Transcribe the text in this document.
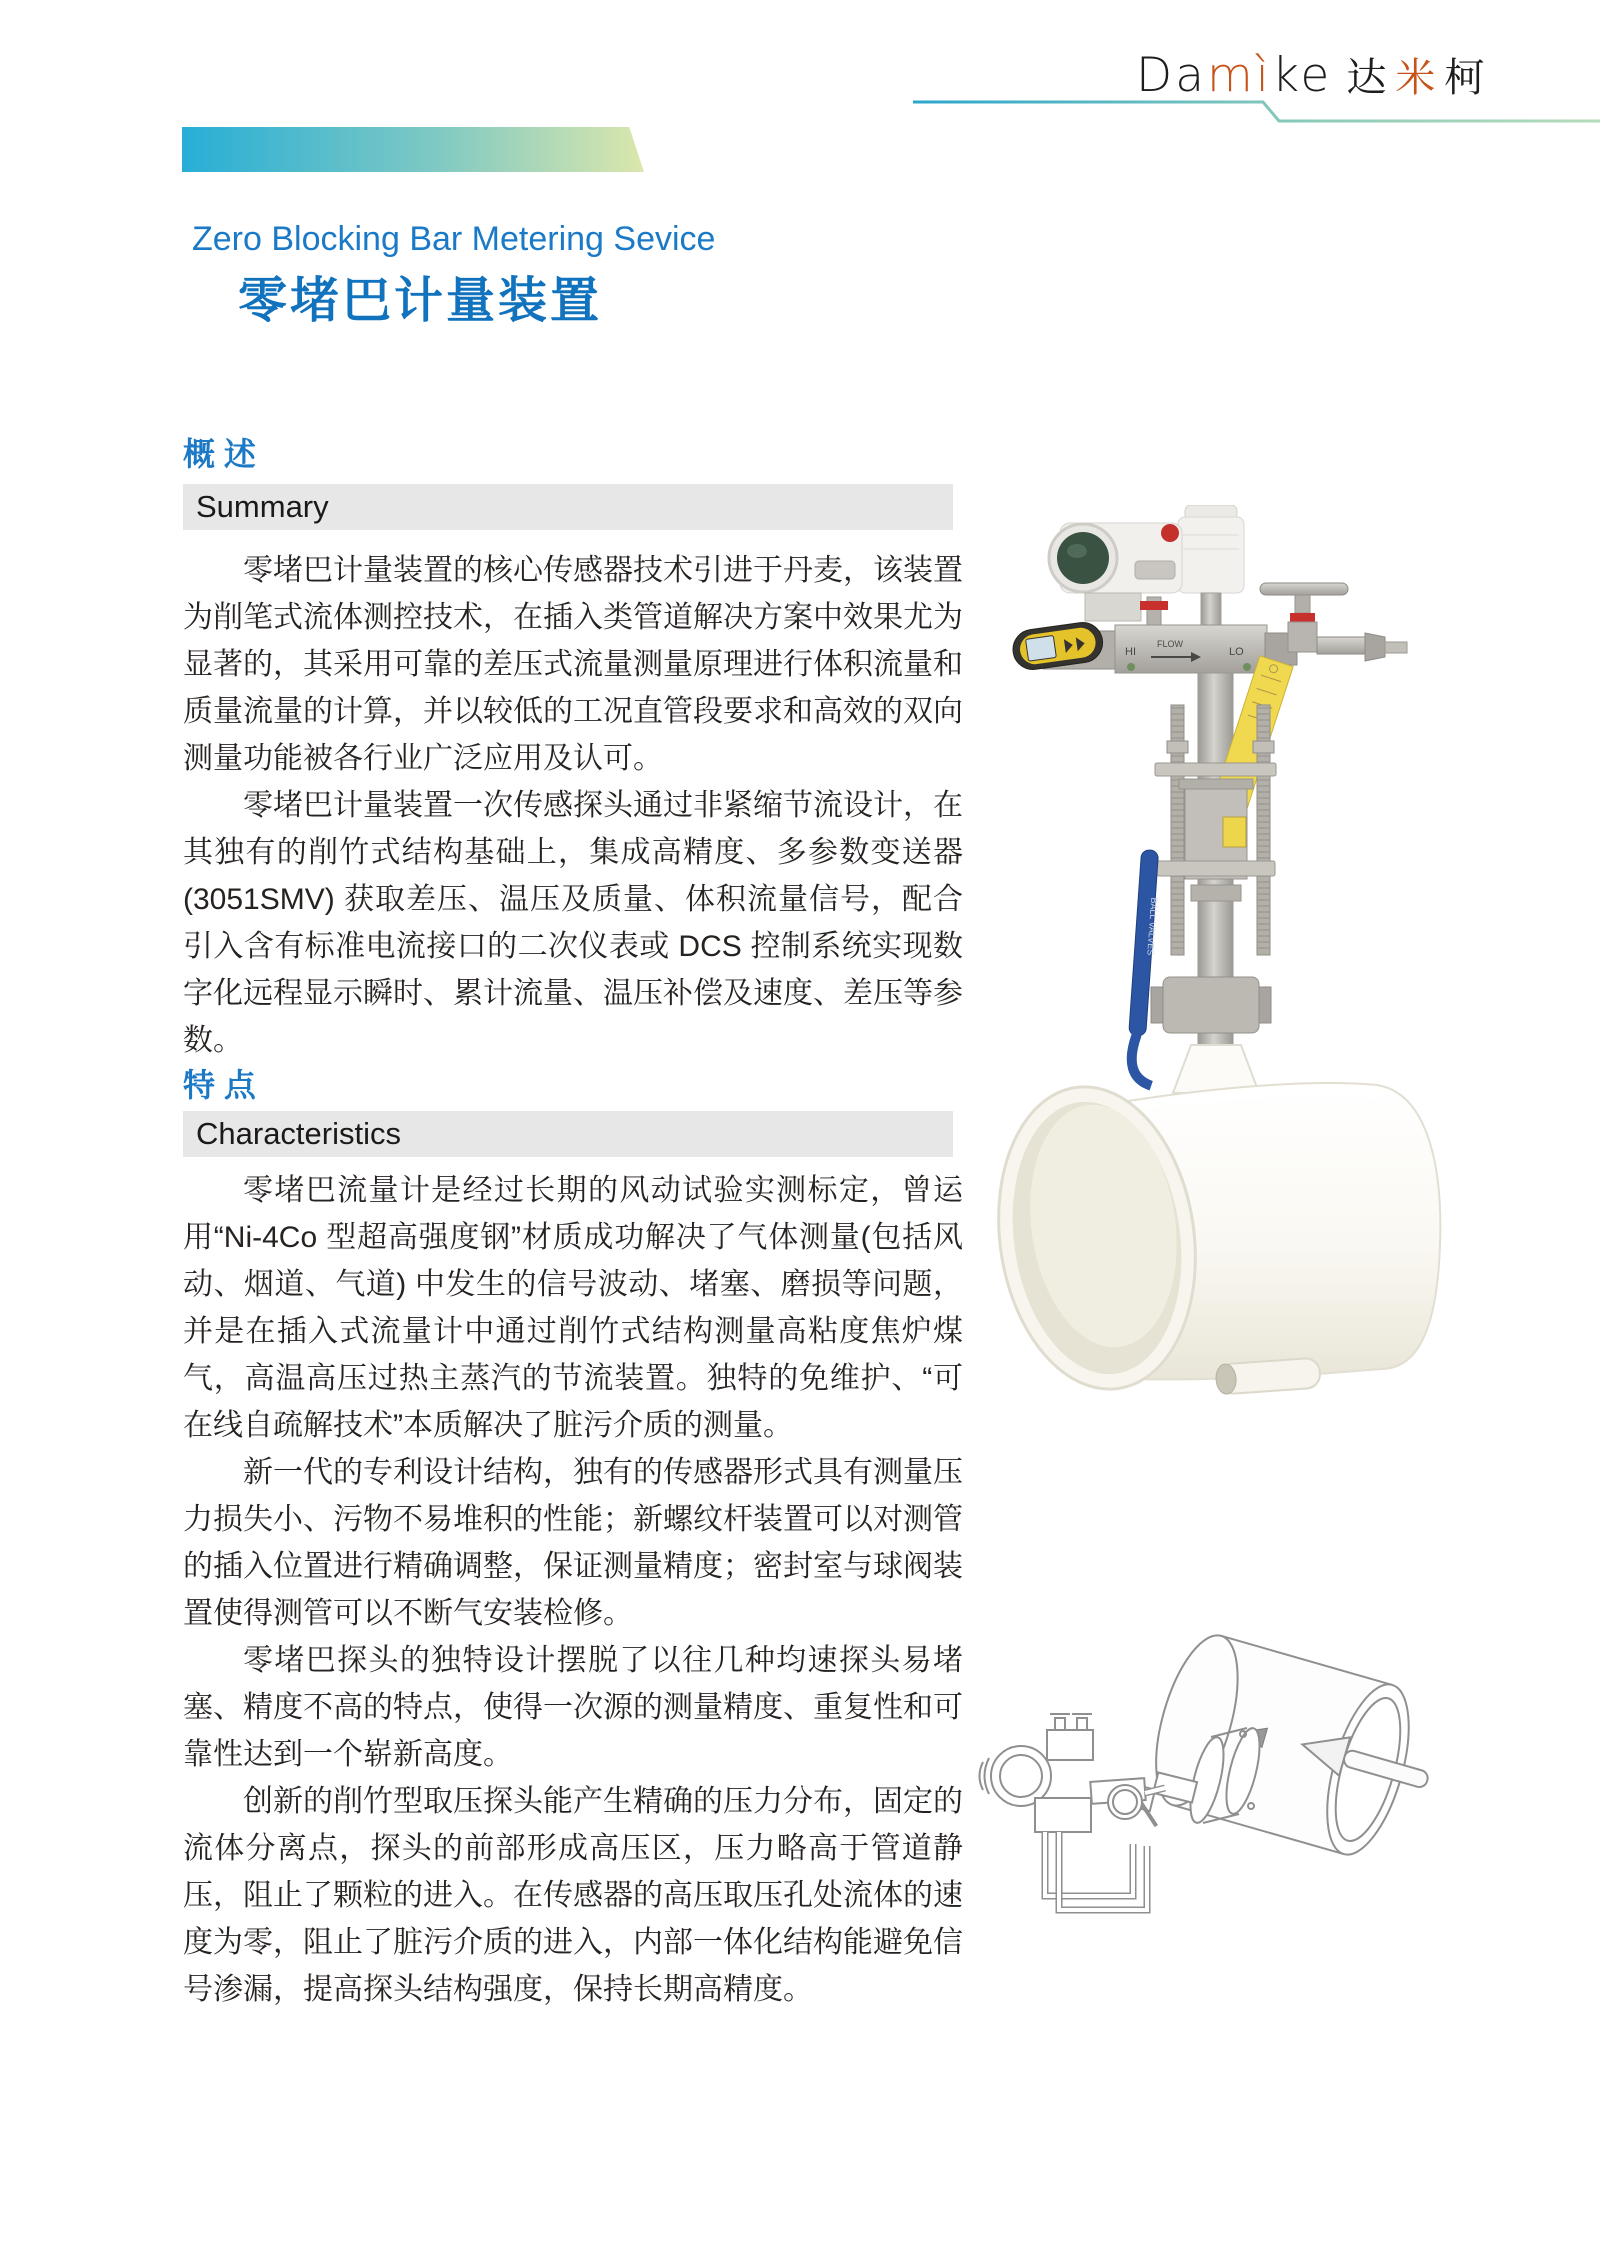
Damìke 达米柯
Zero Blocking Bar Metering Sevice
零堵巴计量装置
概 述
Summary

零堵巴计量装置的核心传感器技术引进于丹麦，该装置为削笔式流体测控技术，在插入类管道解决方案中效果尤为显著的，其采用可靠的差压式流量测量原理进行体积流量和质量流量的计算，并以较低的工况直管段要求和高效的双向测量功能被各行业广泛应用及认可。

零堵巴计量装置一次传感探头通过非紧缩节流设计，在其独有的削竹式结构基础上，集成高精度、多参数变送器(3051SMV) 获取差压、温压及质量、体积流量信号，配合引入含有标准电流接口的二次仪表或 DCS 控制系统实现数字化远程显示瞬时、累计流量、温压补偿及速度、差压等参数。

特 点
Characteristics

零堵巴流量计是经过长期的风动试验实测标定，曾运用“Ni-4Co 型超高强度钢”材质成功解决了气体测量(包括风动、烟道、气道) 中发生的信号波动、堵塞、磨损等问题，并是在插入式流量计中通过削竹式结构测量高粘度焦炉煤气，高温高压过热主蒸汽的节流装置。独特的免维护、“可在线自疏解技术”本质解决了脏污介质的测量。

新一代的专利设计结构，独有的传感器形式具有测量压力损失小、污物不易堆积的性能；新螺纹杆装置可以对测管的插入位置进行精确调整，保证测量精度；密封室与球阀装置使得测管可以不断气安装检修。

零堵巴探头的独特设计摆脱了以往几种均速探头易堵塞、精度不高的特点，使得一次源的测量精度、重复性和可靠性达到一个崭新高度。

创新的削竹型取压探头能产生精确的压力分布，固定的流体分离点，探头的前部形成高压区，压力略高于管道静压，阻止了颗粒的进入。在传感器的高压取压孔处流体的速度为零，阻止了脏污介质的进入，内部一体化结构能避免信号渗漏，提高探头结构强度，保持长期高精度。

HI
FLOW
LO
BALL VALVES
